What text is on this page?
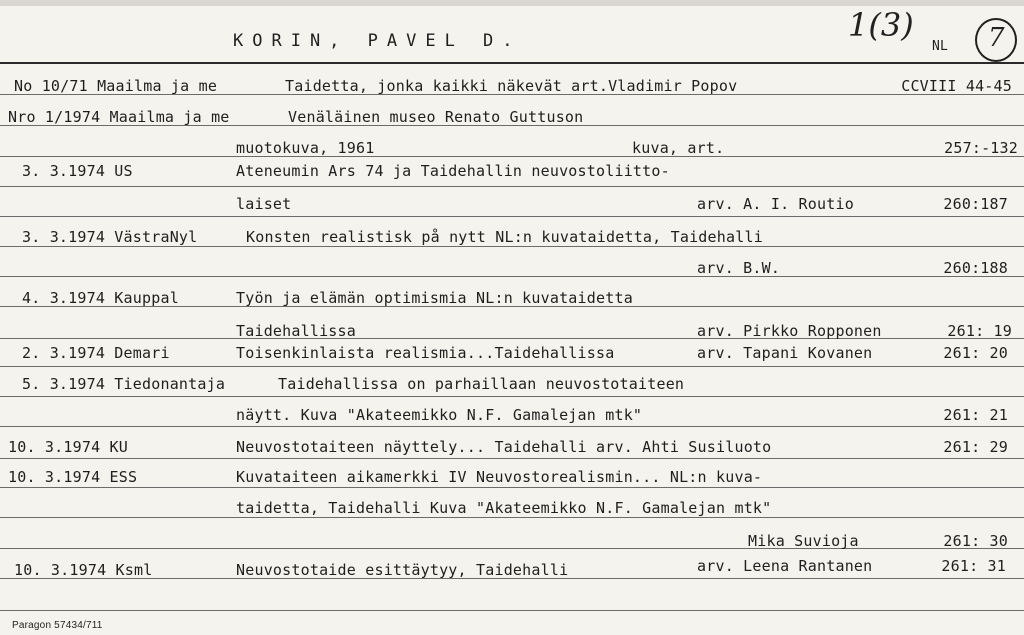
KORIN, PAVEL D.	1(3)
NL 7
No 10/71 Maailma ja me	Taidetta, jonka kaikki näkevät art.Vladimir Popov	CCVIII 44-45
Nro 1/1974 Maailma ja me	Venäläinen museo Renato Guttuson
muotokuva, 1961	kuva, art.	257:-132
3. 3.1974 US	Ateneumin Ars 74 ja Taidehallin neuvostoliitto-
laiset	arv. A. I. Routio	260:187
3. 3.1974 VästraNyl	Konsten realistisk på nytt NL:n kuvataidetta, Taidehalli
arv. B.W.	260:188
4. 3.1974 Kauppal	Työn ja elämän optimismia NL:n kuvataidetta
Taidehallissa	arv. Pirkko Ropponen	261: 19
2. 3.1974 Demari	Toisenkinlaista realismia...Taidehallissa	arv. Tapani Kovanen	261: 20
5. 3.1974 Tiedonantaja	Taidehallissa on parhaillaan neuvostotaiteen
näytt. Kuva "Akateemikko N.F. Gamalejan mtk"	261: 21
10. 3.1974 KU	Neuvostotaiteen näyttely... Taidehalli arv. Ahti Susiluoto	261: 29
10. 3.1974 ESS	Kuvataiteen aikamerkki IV Neuvostorealismin... NL:n kuva-
taidetta, Taidehalli Kuva "Akateemikko N.F. Gamalejan mtk"
Mika Suvioja	261: 30
10. 3.1974 Ksml	Neuvostotaide esittäytyy, Taidehalli	arv. Leena Rantanen	261: 31
Paragon 57434/711
